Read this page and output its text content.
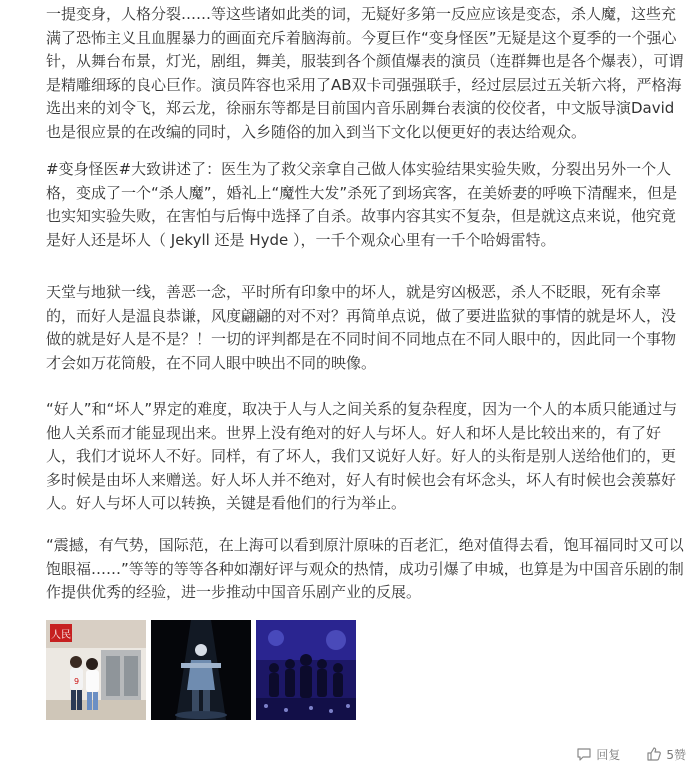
一提变身，人格分裂……等这些诸如此类的词，无疑好多第一反应应该是变态，杀人魔，这些充满了恐怖主义且血腥暴力的画面充斥着脑海前。今夏巨作“变身怪医”无疑是这个夏季的一个强心针，从舞台布景，灯光，剧组，舞美，服装到各个颜值爆表的演员（连群舞也是各个爆表），可谓是精雕细琢的良心巨作。演员阵容也采用了AB双卡司强强联手，经过层层过五关斩六将，严格海选出来的刘令飞，郑云龙，徐丽东等都是目前国内音乐剧舞台表演的佼佼者，中文版导演David也是很应景的在改编的同时，入乡随俗的加入到当下文化以便更好的表达给观众。

#变身怪医#大致讲述了：医生为了救父亲拿自己做人体实验结果实验失败，分裂出另外一个人格，变成了一个“杀人魔”，婚礼上“魔性大发”杀死了到场宾客，在美娇妻的呼唤下清醒来，但是也实知实验失败，在害怕与后悔中选择了自杀。故事内容其实不复杂，但是就这点来说，他究竟是好人还是坏人（ Jekyll 还是 Hyde ），一千个观众心里有一千个哈姆雷特。

天堂与地狱一线，善恶一念，平时所有印象中的坏人，就是穷凶极恶，杀人不眨眼，死有余辜的，而好人是温良恭谦，风度翩翩的对不对？再简单点说，做了要进监狱的事情的就是坏人，没做的就是好人是不是？！一切的评判都是在不同时间不同地点在不同人眼中的，因此同一个事物才会如万花筒般，在不同人眼中映出不同的映像。

“好人”和“坏人”界定的难度，取决于人与人之间关系的复杂程度，因为一个人的本质只能通过与他人关系而才能显现出来。世界上没有绝对的好人与坏人。好人和坏人是比较出来的，有了好人，我们才说坏人不好。同样，有了坏人，我们又说好人好。好人的头衔是别人送给他们的，更多时候是由坏人来赠送。好人坏人并不绝对，好人有时候也会有坏念头，坏人有时候也会羡慕好人。好人与坏人可以转换，关键是看他们的行为举止。

“震撼，有气势，国际范，在上海可以看到原汁原味的百老汇，绝对值得去看，饱耳福同时又可以饱眼福……”等等的等等各种如潮好评与观众的热情，成功引爆了申城，也算是为中国音乐剧的制作提供优秀的经验，进一步推动中国音乐剧产业的反展。

人民
9
回复	5赞
